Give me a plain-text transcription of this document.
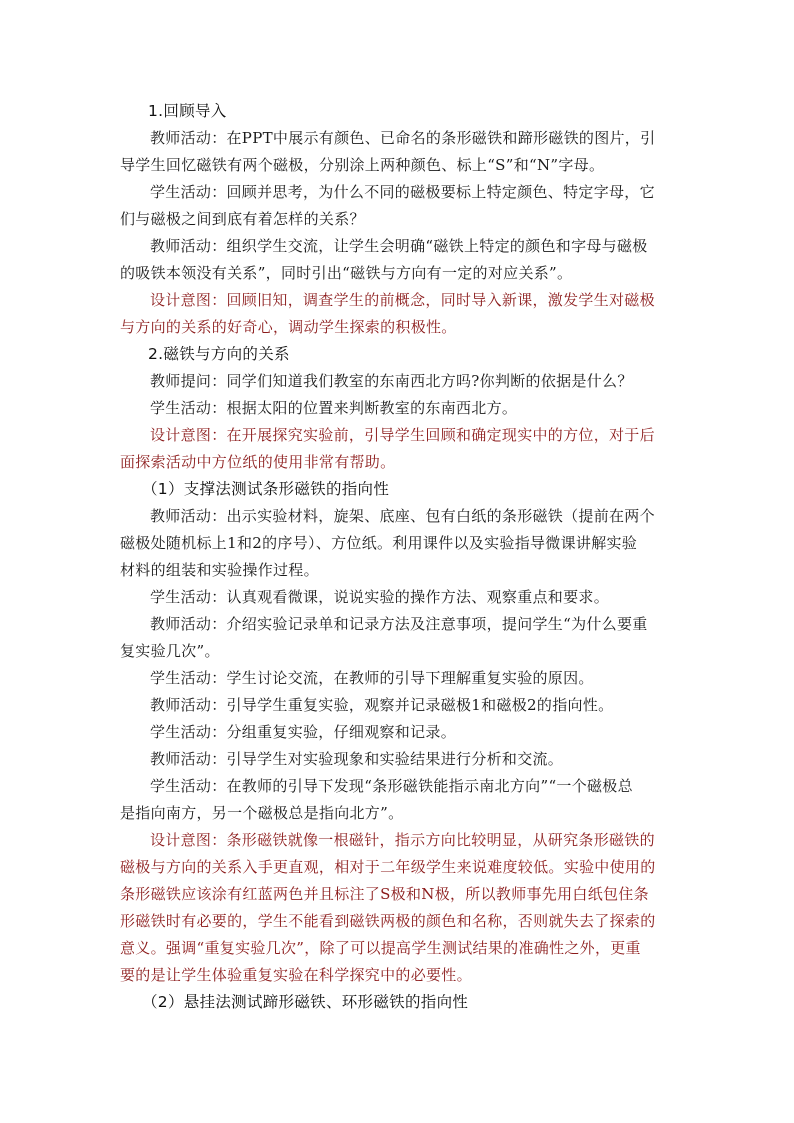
1.回顾导入
教师活动：在PPT中展示有颜色、已命名的条形磁铁和蹄形磁铁的图片，引
导学生回忆磁铁有两个磁极，分别涂上两种颜色、标上“S”和“N”字母。
学生活动：回顾并思考，为什么不同的磁极要标上特定颜色、特定字母，它
们与磁极之间到底有着怎样的关系？
教师活动：组织学生交流，让学生会明确“磁铁上特定的颜色和字母与磁极
的吸铁本领没有关系”，同时引出“磁铁与方向有一定的对应关系”。
设计意图：回顾旧知，调查学生的前概念，同时导入新课，激发学生对磁极
与方向的关系的好奇心，调动学生探索的积极性。
2.磁铁与方向的关系
教师提问：同学们知道我们教室的东南西北方吗?你判断的依据是什么？
学生活动：根据太阳的位置来判断教室的东南西北方。
设计意图：在开展探究实验前，引导学生回顾和确定现实中的方位，对于后
面探索活动中方位纸的使用非常有帮助。
（1）支撑法测试条形磁铁的指向性
教师活动：出示实验材料，旋架、底座、包有白纸的条形磁铁（提前在两个
磁极处随机标上1和2的序号）、方位纸。利用课件以及实验指导微课讲解实验
材料的组装和实验操作过程。
学生活动：认真观看微课，说说实验的操作方法、观察重点和要求。
教师活动：介绍实验记录单和记录方法及注意事项，提问学生“为什么要重
复实验几次”。
学生活动：学生讨论交流，在教师的引导下理解重复实验的原因。
教师活动：引导学生重复实验，观察并记录磁极1和磁极2的指向性。
学生活动：分组重复实验，仔细观察和记录。
教师活动：引导学生对实验现象和实验结果进行分析和交流。
学生活动：在教师的引导下发现“条形磁铁能指示南北方向”“一个磁极总
是指向南方，另一个磁极总是指向北方”。
设计意图：条形磁铁就像一根磁针，指示方向比较明显，从研究条形磁铁的
磁极与方向的关系入手更直观，相对于二年级学生来说难度较低。实验中使用的
条形磁铁应该涂有红蓝两色并且标注了S极和N极，所以教师事先用白纸包住条
形磁铁时有必要的，学生不能看到磁铁两极的颜色和名称，否则就失去了探索的
意义。强调“重复实验几次”，除了可以提高学生测试结果的准确性之外，更重
要的是让学生体验重复实验在科学探究中的必要性。
（2）悬挂法测试蹄形磁铁、环形磁铁的指向性
